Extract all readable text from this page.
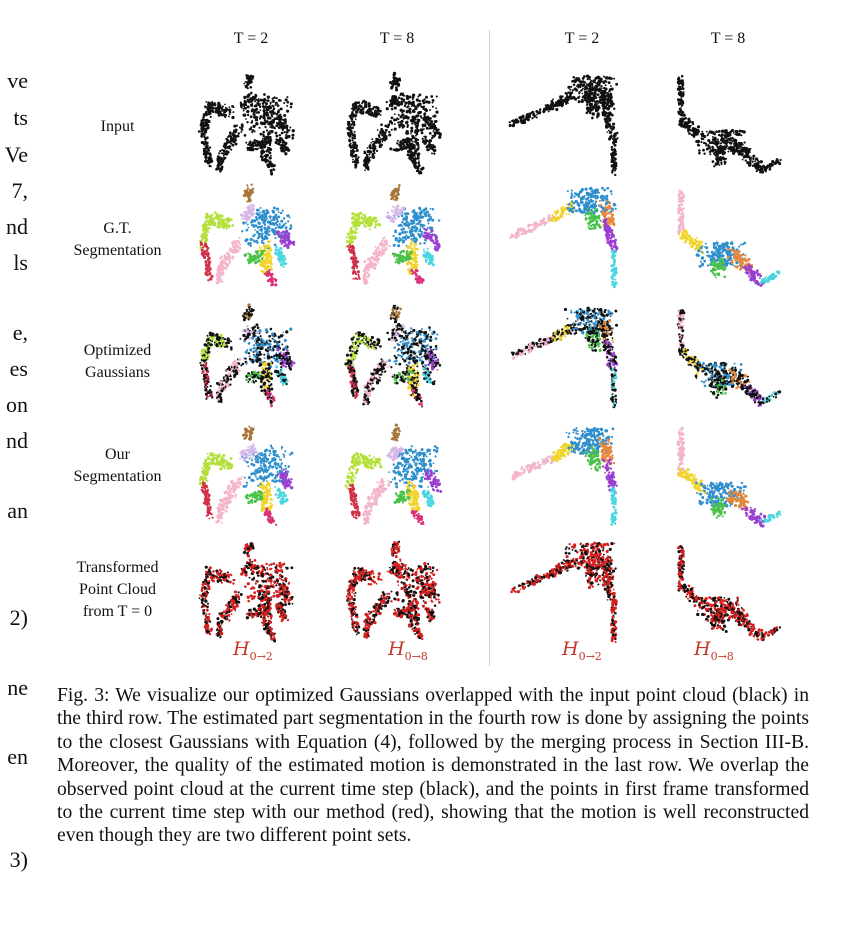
ve
ts
Ve
7,
nd
ls
e,
es
on
nd
an
2)
ne
en
3)
T = 2	T = 8	T = 2	T = 8
Input
G.T.
Segmentation
Optimized
Gaussians
Our
Segmentation
Transformed
Point Cloud
from T = 0
$H_{0\to 2}$	$H_{0\to 8}$	$H_{0\to 2}$	$H_{0\to 8}$
Fig. 3: We visualize our optimized Gaussians overlapped with the input point cloud (black) in the third row. The estimated part segmentation in the fourth row is done by assigning the points to the closest Gaussians with Equation (4), followed by the merging process in Section III-B. Moreover, the quality of the estimated motion is demonstrated in the last row. We overlap the observed point cloud at the current time step (black), and the points in first frame transformed to the current time step with our method (red), showing that the motion is well reconstructed even though they are two different point sets.
